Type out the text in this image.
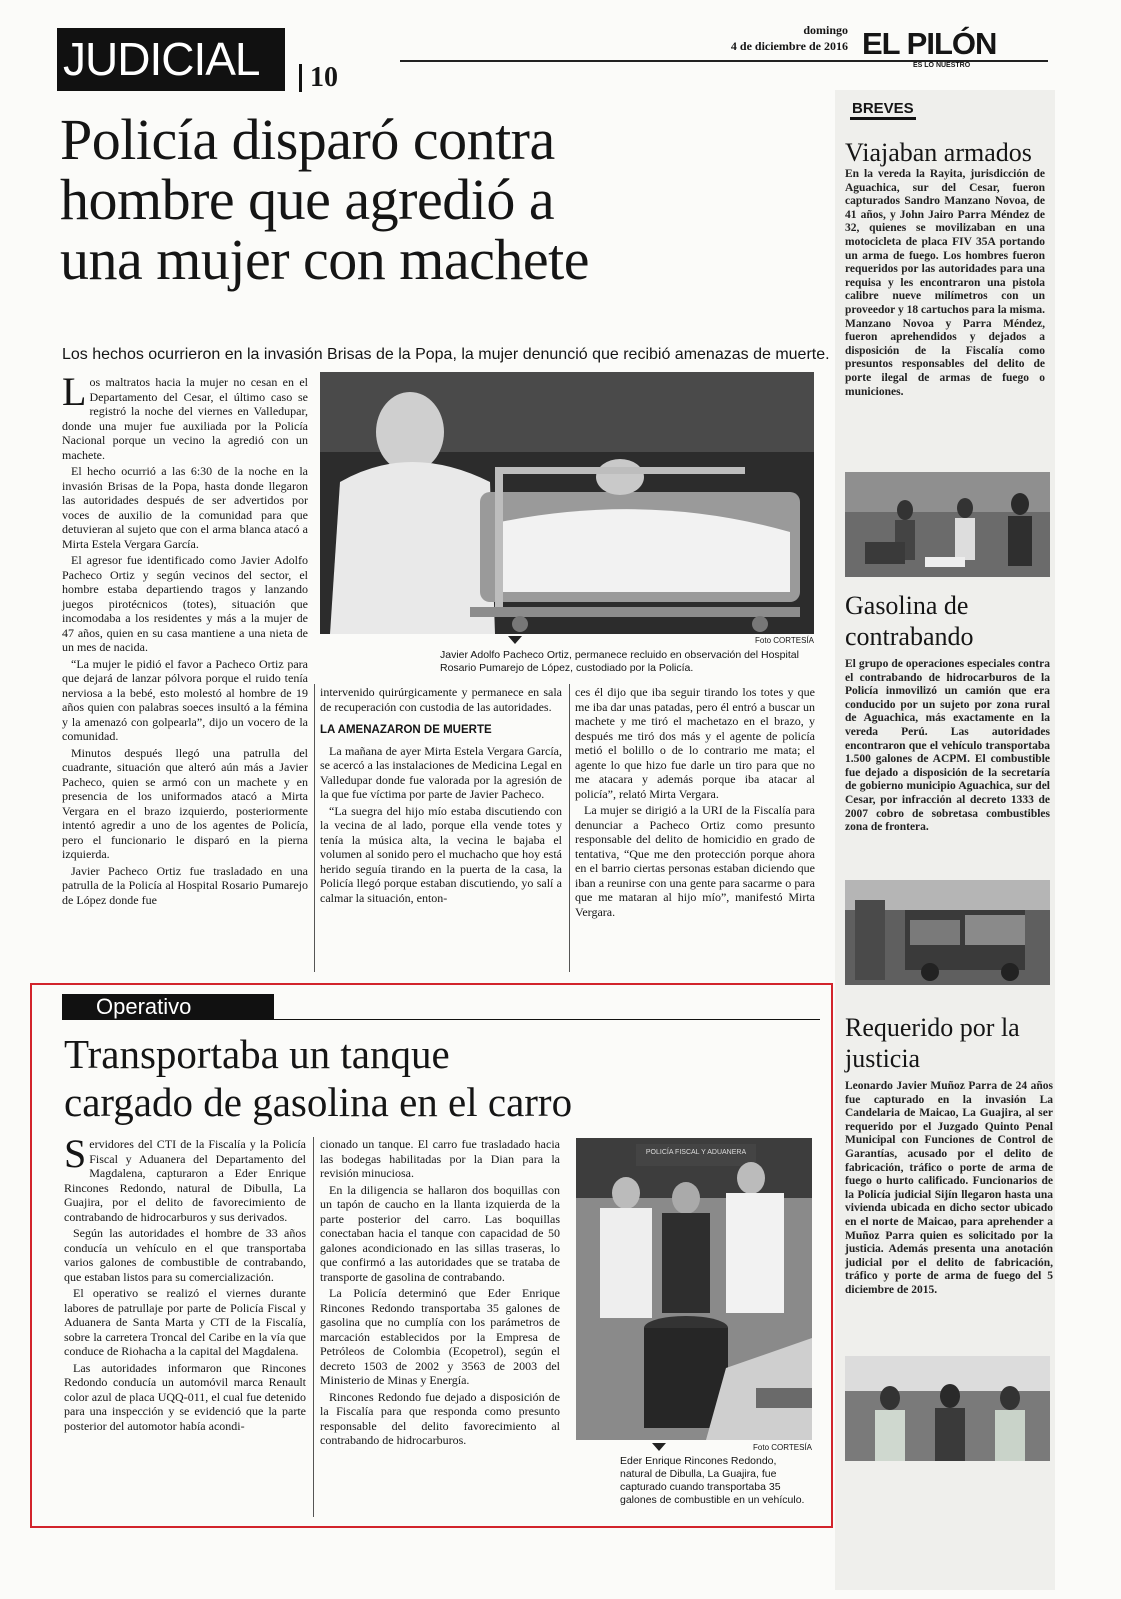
JUDICIAL	10
domingo
4 de diciembre de 2016 EL PILÓN
ES LO NUESTRO
Policía disparó contra
hombre que agredió a
una mujer con machete
Los hechos ocurrieron en la invasión Brisas de la Popa, la mujer denunció que recibió amenazas de muerte.

Los maltratos hacia la mujer no cesan en el Departamento del Cesar, el último caso se registró la noche del viernes en Valledupar, donde una mujer fue auxiliada por la Policía Nacional porque un vecino la agredió con un machete.

El hecho ocurrió a las 6:30 de la noche en la invasión Brisas de la Popa, hasta donde llegaron las autoridades después de ser advertidos por voces de auxilio de la comunidad para que detuvieran al sujeto que con el arma blanca atacó a Mirta Estela Vergara García.

El agresor fue identificado como Javier Adolfo Pacheco Ortiz y según vecinos del sector, el hombre estaba departiendo tragos y lanzando juegos pirotécnicos (totes), situación que incomodaba a los residentes y más a la mujer de 47 años, quien en su casa mantiene a una nieta de un mes de nacida.

“La mujer le pidió el favor a Pacheco Ortiz para que dejará de lanzar pólvora porque el ruido tenía nerviosa a la bebé, esto molestó al hombre de 19 años quien con palabras soeces insultó a la fémina y la amenazó con golpearla”, dijo un vocero de la comunidad.

Minutos después llegó una patrulla del cuadrante, situación que alteró aún más a Javier Pacheco, quien se armó con un machete y en presencia de los uniformados atacó a Mirta Vergara en el brazo izquierdo, posteriormente intentó agredir a uno de los agentes de Policía, pero el funcionario le disparó en la pierna izquierda.

Javier Pacheco Ortiz fue trasladado en una patrulla de la Policía al Hospital Rosario Pumarejo de López donde fue

Foto CORTESÍA
Javier Adolfo Pacheco Ortiz, permanece recluido en observación del Hospital Rosario Pumarejo de López, custodiado por la Policía.

intervenido quirúrgicamente y permanece en sala de recuperación con custodia de las autoridades.

LA AMENAZARON DE MUERTE

La mañana de ayer Mirta Estela Vergara García, se acercó a las instalaciones de Medicina Legal en Valledupar donde fue valorada por la agresión de la que fue víctima por parte de Javier Pacheco.

“La suegra del hijo mío estaba discutiendo con la vecina de al lado, porque ella vende totes y tenía la música alta, la vecina le bajaba el volumen al sonido pero el muchacho que hoy está herido seguía tirando en la puerta de la casa, la Policía llegó porque estaban discutiendo, yo salí a calmar la situación, enton-

ces él dijo que iba seguir tirando los totes y que me iba dar unas patadas, pero él entró a buscar un machete y me tiró el machetazo en el brazo, y después me tiró dos más y el agente de policía metió el bolillo o de lo contrario me mata; el agente lo que hizo fue darle un tiro para que no me atacara y además porque iba atacar al policía”, relató Mirta Vergara.

La mujer se dirigió a la URI de la Fiscalía para denunciar a Pacheco Ortiz como presunto responsable del delito de homicidio en grado de tentativa, “Que me den protección porque ahora en el barrio ciertas personas estaban diciendo que iban a reunirse con una gente para sacarme o para que me mataran al hijo mío”, manifestó Mirta Vergara.

Operativo
Transportaba un tanque
cargado de gasolina en el carro

Servidores del CTI de la Fiscalía y la Policía Fiscal y Aduanera del Departamento del Magdalena, capturaron a Eder Enrique Rincones Redondo, natural de Dibulla, La Guajira, por el delito de favorecimiento de contrabando de hidrocarburos y sus derivados.

Según las autoridades el hombre de 33 años conducía un vehículo en el que transportaba varios galones de combustible de contrabando, que estaban listos para su comercialización.

El operativo se realizó el viernes durante labores de patrullaje por parte de Policía Fiscal y Aduanera de Santa Marta y CTI de la Fiscalía, sobre la carretera Troncal del Caribe en la vía que conduce de Riohacha a la capital del Magdalena.

Las autoridades informaron que Rincones Redondo conducía un automóvil marca Renault color azul de placa UQQ-011, el cual fue detenido para una inspección y se evidenció que la parte posterior del automotor había acondi-

cionado un tanque. El carro fue trasladado hacia las bodegas habilitadas por la Dian para la revisión minuciosa.

En la diligencia se hallaron dos boquillas con un tapón de caucho en la llanta izquierda de la parte posterior del carro. Las boquillas conectaban hacia el tanque con capacidad de 50 galones acondicionado en las sillas traseras, lo que confirmó a las autoridades que se trataba de transporte de gasolina de contrabando.

La Policía determinó que Eder Enrique Rincones Redondo transportaba 35 galones de gasolina que no cumplía con los parámetros de marcación establecidos por la Empresa de Petróleos de Colombia (Ecopetrol), según el decreto 1503 de 2002 y 3563 de 2003 del Ministerio de Minas y Energía.

Rincones Redondo fue dejado a disposición de la Fiscalía para que responda como presunto responsable del delito favorecimiento al contrabando de hidrocarburos.

POLICÍA FISCAL Y ADUANERA
Foto CORTESÍA
Eder Enrique Rincones Redondo, natural de Dibulla, La Guajira, fue capturado cuando transportaba 35 galones de combustible en un vehículo.
BREVES
Viajaban armados
En la vereda la Rayita, jurisdicción de Aguachica, sur del Cesar, fueron capturados Sandro Manzano Novoa, de 41 años, y John Jairo Parra Méndez de 32, quienes se movilizaban en una motocicleta de placa FIV 35A portando un arma de fuego. Los hombres fueron requeridos por las autoridades para una requisa y les encontraron una pistola calibre nueve milímetros con un proveedor y 18 cartuchos para la misma. Manzano Novoa y Parra Méndez, fueron aprehendidos y dejados a disposición de la Fiscalía como presuntos responsables del delito de porte ilegal de armas de fuego o municiones.
Gasolina de contrabando
El grupo de operaciones especiales contra el contrabando de hidrocarburos de la Policía inmovilizó un camión que era conducido por un sujeto por zona rural de Aguachica, más exactamente en la vereda Perú. Las autoridades encontraron que el vehículo transportaba 1.500 galones de ACPM. El combustible fue dejado a disposición de la secretaría de gobierno municipio Aguachica, sur del Cesar, por infracción al decreto 1333 de 2007 cobro de sobretasa combustibles zona de frontera.
Requerido por la justicia
Leonardo Javier Muñoz Parra de 24 años fue capturado en la invasión La Candelaria de Maicao, La Guajira, al ser requerido por el Juzgado Quinto Penal Municipal con Funciones de Control de Garantías, acusado por el delito de fabricación, tráfico o porte de arma de fuego o hurto calificado. Funcionarios de la Policía judicial Sijín llegaron hasta una vivienda ubicada en dicho sector ubicado en el norte de Maicao, para aprehender a Muñoz Parra quien es solicitado por la justicia. Además presenta una anotación judicial por el delito de fabricación, tráfico y porte de arma de fuego del 5 diciembre de 2015.
